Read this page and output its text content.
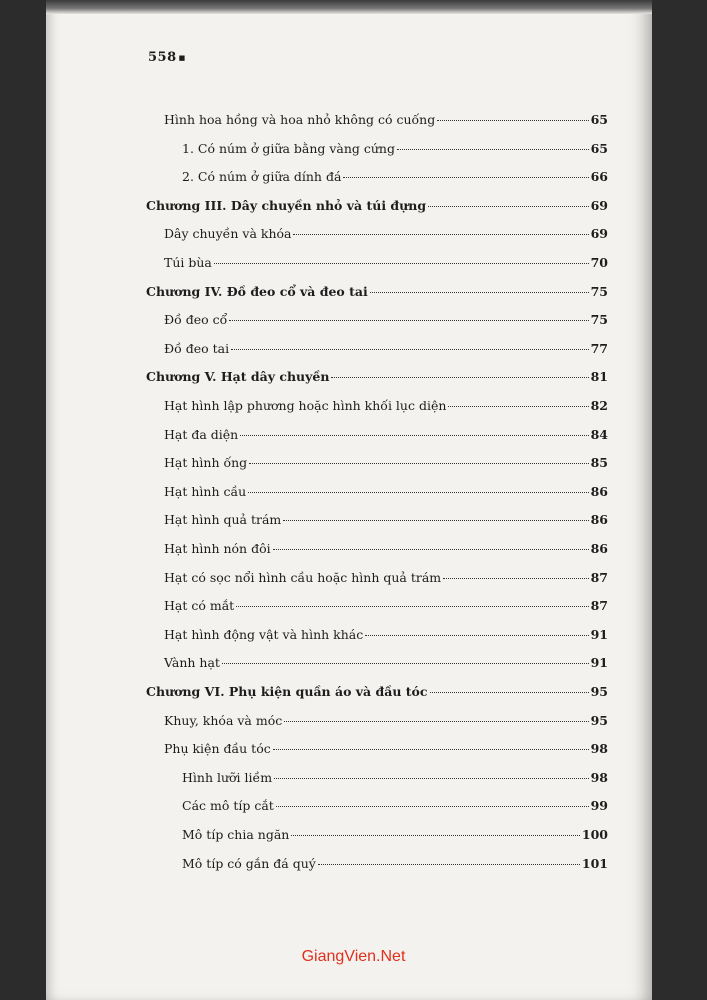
558 ■
Hình hoa hồng và hoa nhỏ không có cuống	65
1. Có núm ở giữa bằng vàng cứng	65
2. Có núm ở giữa dính đá	66
Chương III. Dây chuyền nhỏ và túi đựng	69
Dây chuyền và khóa	69
Túi bùa	70
Chương IV. Đồ đeo cổ và đeo tai	75
Đồ đeo cổ	75
Đồ đeo tai	77
Chương V. Hạt dây chuyền	81
Hạt hình lập phương hoặc hình khối lục diện	82
Hạt đa diện	84
Hạt hình ống	85
Hạt hình cầu	86
Hạt hình quả trám	86
Hạt hình nón đôi	86
Hạt có sọc nổi hình cầu hoặc hình quả trám	87
Hạt có mắt	87
Hạt hình động vật và hình khác	91
Vành hạt	91
Chương VI. Phụ kiện quần áo và đầu tóc	95
Khuy, khóa và móc	95
Phụ kiện đầu tóc	98
Hình lưỡi liềm	98
Các mô típ cắt	99
Mô típ chia ngăn	100
Mô típ có gắn đá quý	101
GiangVien.Net
